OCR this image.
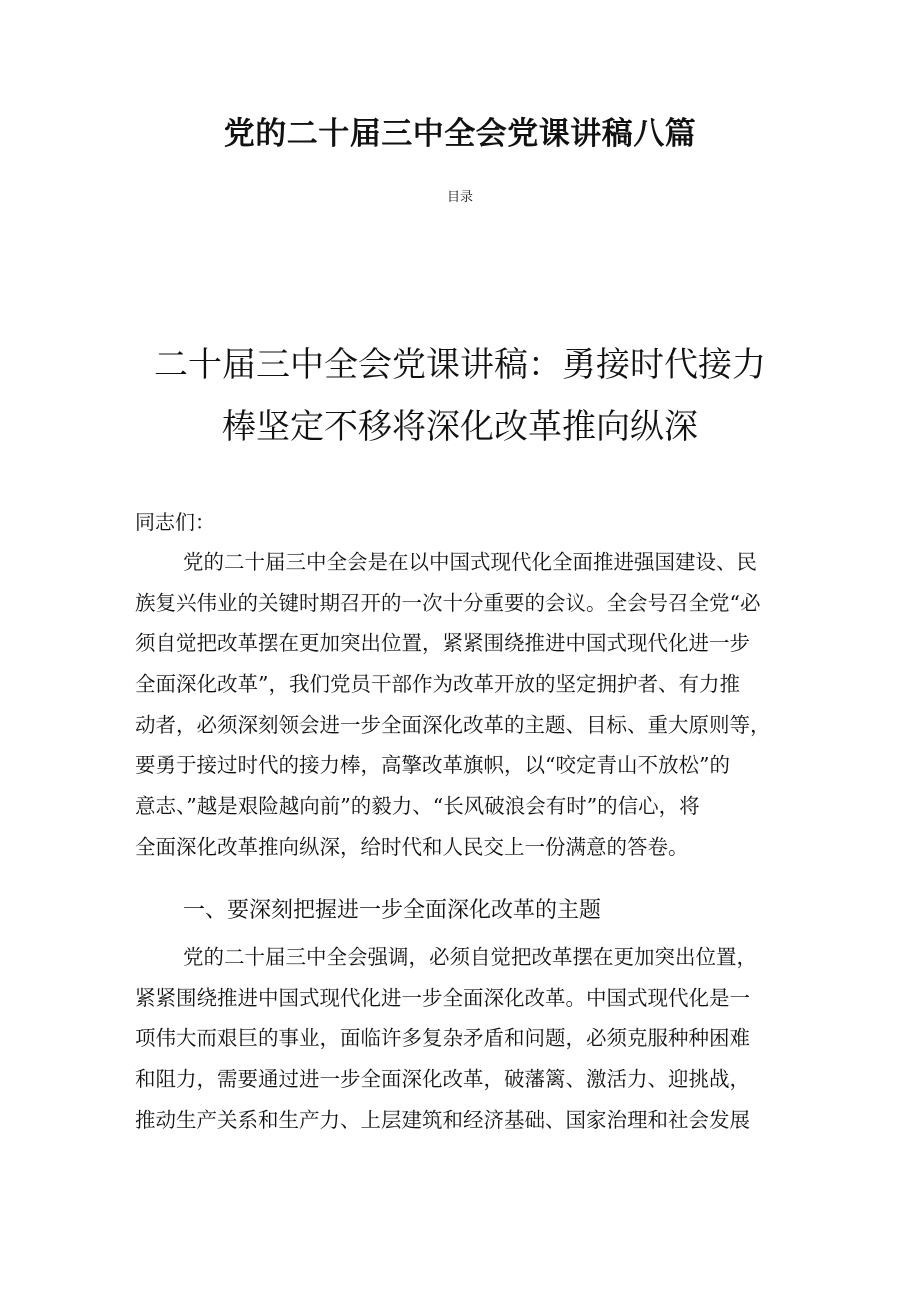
党的二十届三中全会党课讲稿八篇
目录
二十届三中全会党课讲稿：勇接时代接力
棒坚定不移将深化改革推向纵深
同志们：
党的二十届三中全会是在以中国式现代化全面推进强国建设、民
族复兴伟业的关键时期召开的一次十分重要的会议。全会号召全党“必
须自觉把改革摆在更加突出位置，紧紧围绕推进中国式现代化进一步
全面深化改革”，我们党员干部作为改革开放的坚定拥护者、有力推
动者，必须深刻领会进一步全面深化改革的主题、目标、重大原则等，
要勇于接过时代的接力棒，高擎改革旗帜，以“咬定青山不放松”的
意志、”越是艰险越向前”的毅力、“长风破浪会有时”的信心，将
全面深化改革推向纵深，给时代和人民交上一份满意的答卷。
一、要深刻把握进一步全面深化改革的主题
党的二十届三中全会强调，必须自觉把改革摆在更加突出位置，
紧紧围绕推进中国式现代化进一步全面深化改革。中国式现代化是一
项伟大而艰巨的事业，面临许多复杂矛盾和问题，必须克服种种困难
和阻力，需要通过进一步全面深化改革，破藩篱、激活力、迎挑战，
推动生产关系和生产力、上层建筑和经济基础、国家治理和社会发展
